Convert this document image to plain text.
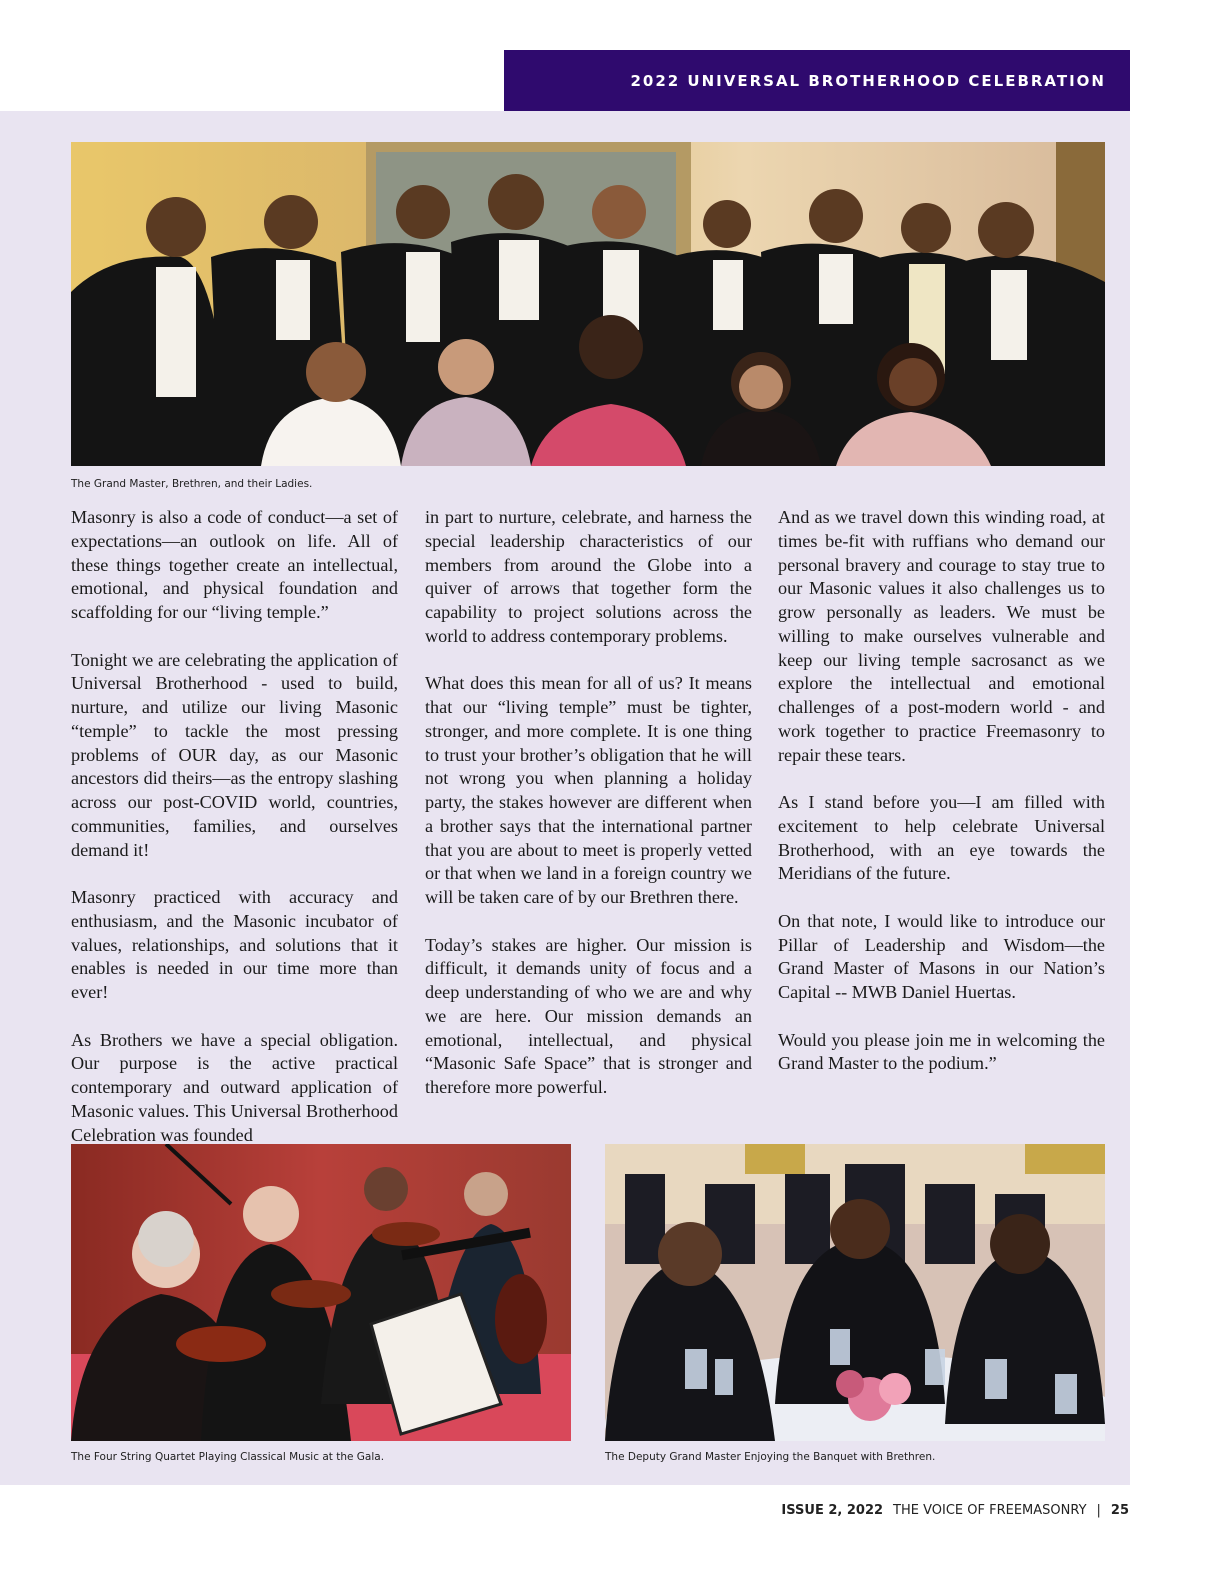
2022 UNIVERSAL BROTHERHOOD CELEBRATION
The Grand Master, Brethren, and their Ladies.

Masonry is also a code of conduct—a set of expectations—an outlook on life. All of these things together create an intellectual, emotional, and physical foundation and scaffolding for our “living temple.”

Tonight we are celebrating the application of Universal Brotherhood - used to build, nurture, and utilize our living Masonic “temple” to tackle the most pressing problems of OUR day, as our Masonic ancestors did theirs—as the entropy slashing across our post-COVID world, countries, communities, families, and ourselves demand it!

Masonry practiced with accuracy and enthusiasm, and the Masonic incubator of values, relationships, and solutions that it enables is needed in our time more than ever!

As Brothers we have a special obligation. Our purpose is the active practical contemporary and outward application of Masonic values. This Universal Brotherhood Celebration was founded

in part to nurture, celebrate, and harness the special leadership characteristics of our members from around the Globe into a quiver of arrows that together form the capability to project solutions across the world to address contemporary problems.

What does this mean for all of us? It means that our “living temple” must be tighter, stronger, and more complete. It is one thing to trust your brother’s obligation that he will not wrong you when planning a holiday party, the stakes however are different when a brother says that the international partner that you are about to meet is properly vetted or that when we land in a foreign country we will be taken care of by our Brethren there.

Today’s stakes are higher. Our mission is difficult, it demands unity of focus and a deep understanding of who we are and why we are here. Our mission demands an emotional, intellectual, and physical “Masonic Safe Space” that is stronger and therefore more powerful.

And as we travel down this winding road, at times be-fit with ruffians who demand our personal bravery and courage to stay true to our Masonic values it also challenges us to grow personally as leaders. We must be willing to make ourselves vulnerable and keep our living temple sacrosanct as we explore the intellectual and emotional challenges of a post-modern world - and work together to practice Freemasonry to repair these tears.

As I stand before you—I am filled with excitement to help celebrate Universal Brotherhood, with an eye towards the Meridians of the future.

On that note, I would like to introduce our Pillar of Leadership and Wisdom—the Grand Master of Masons in our Nation’s Capital -- MWB Daniel Huertas.

Would you please join me in welcoming the Grand Master to the podium.”

The Four String Quartet Playing Classical Music at the Gala.	The Deputy Grand Master Enjoying the Banquet with Brethren.
ISSUE 2, 2022 THE VOICE OF FREEMASONRY | 25
